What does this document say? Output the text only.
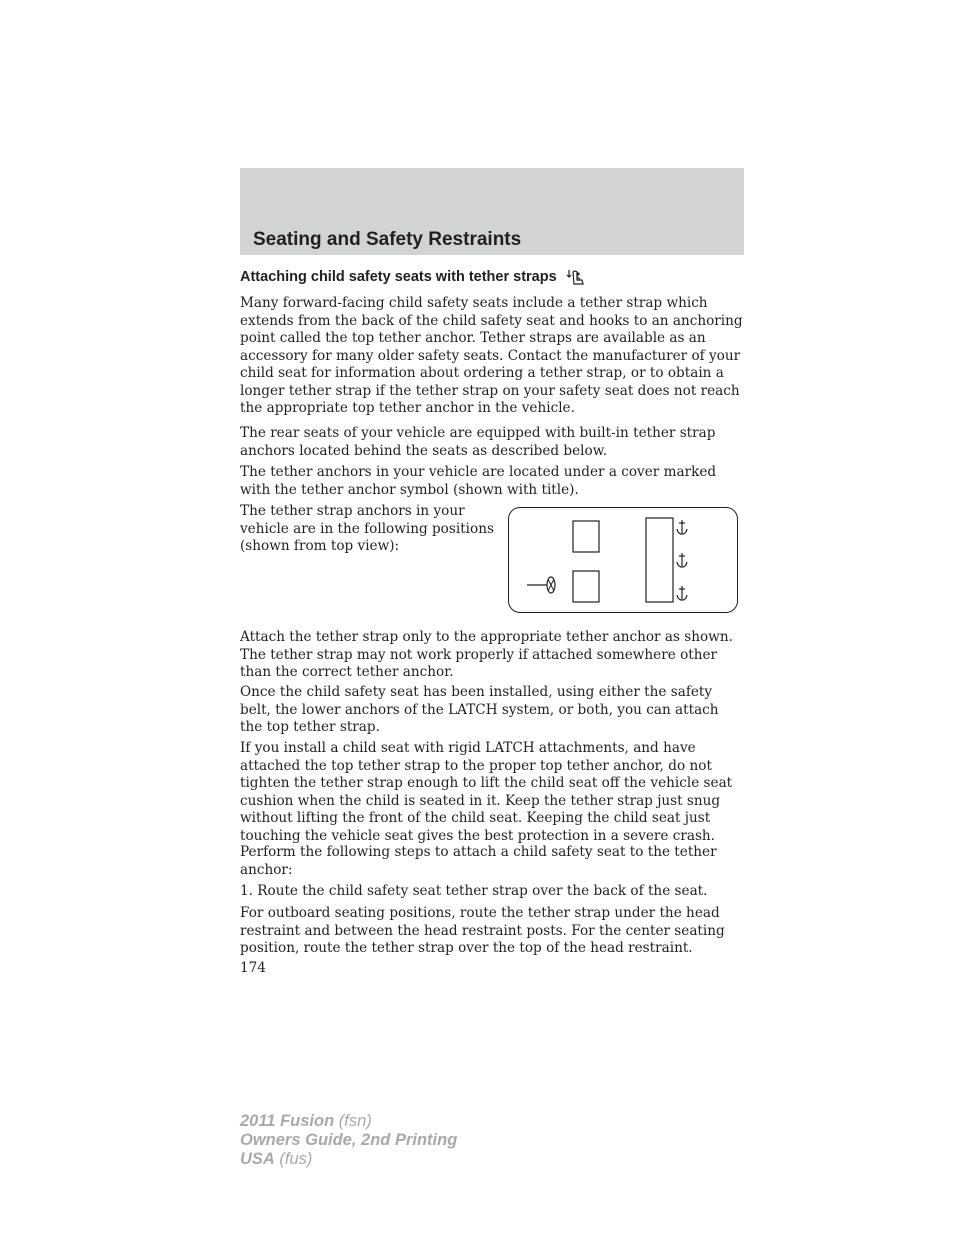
Seating and Safety Restraints
Attaching child safety seats with tether straps

Many forward-facing child safety seats include a tether strap which extends from the back of the child safety seat and hooks to an anchoring point called the top tether anchor. Tether straps are available as an accessory for many older safety seats. Contact the manufacturer of your child seat for information about ordering a tether strap, or to obtain a longer tether strap if the tether strap on your safety seat does not reach the appropriate top tether anchor in the vehicle.

The rear seats of your vehicle are equipped with built-in tether strap anchors located behind the seats as described below.

The tether anchors in your vehicle are located under a cover marked with the tether anchor symbol (shown with title).

The tether strap anchors in your vehicle are in the following positions (shown from top view):

Attach the tether strap only to the appropriate tether anchor as shown. The tether strap may not work properly if attached somewhere other than the correct tether anchor.

Once the child safety seat has been installed, using either the safety belt, the lower anchors of the LATCH system, or both, you can attach the top tether strap.

If you install a child seat with rigid LATCH attachments, and have attached the top tether strap to the proper top tether anchor, do not tighten the tether strap enough to lift the child seat off the vehicle seat cushion when the child is seated in it. Keep the tether strap just snug without lifting the front of the child seat. Keeping the child seat just touching the vehicle seat gives the best protection in a severe crash.

Perform the following steps to attach a child safety seat to the tether anchor:

1. Route the child safety seat tether strap over the back of the seat.

For outboard seating positions, route the tether strap under the head restraint and between the head restraint posts. For the center seating position, route the tether strap over the top of the head restraint.

174
2011 Fusion (fsn)
Owners Guide, 2nd Printing
USA (fus)
